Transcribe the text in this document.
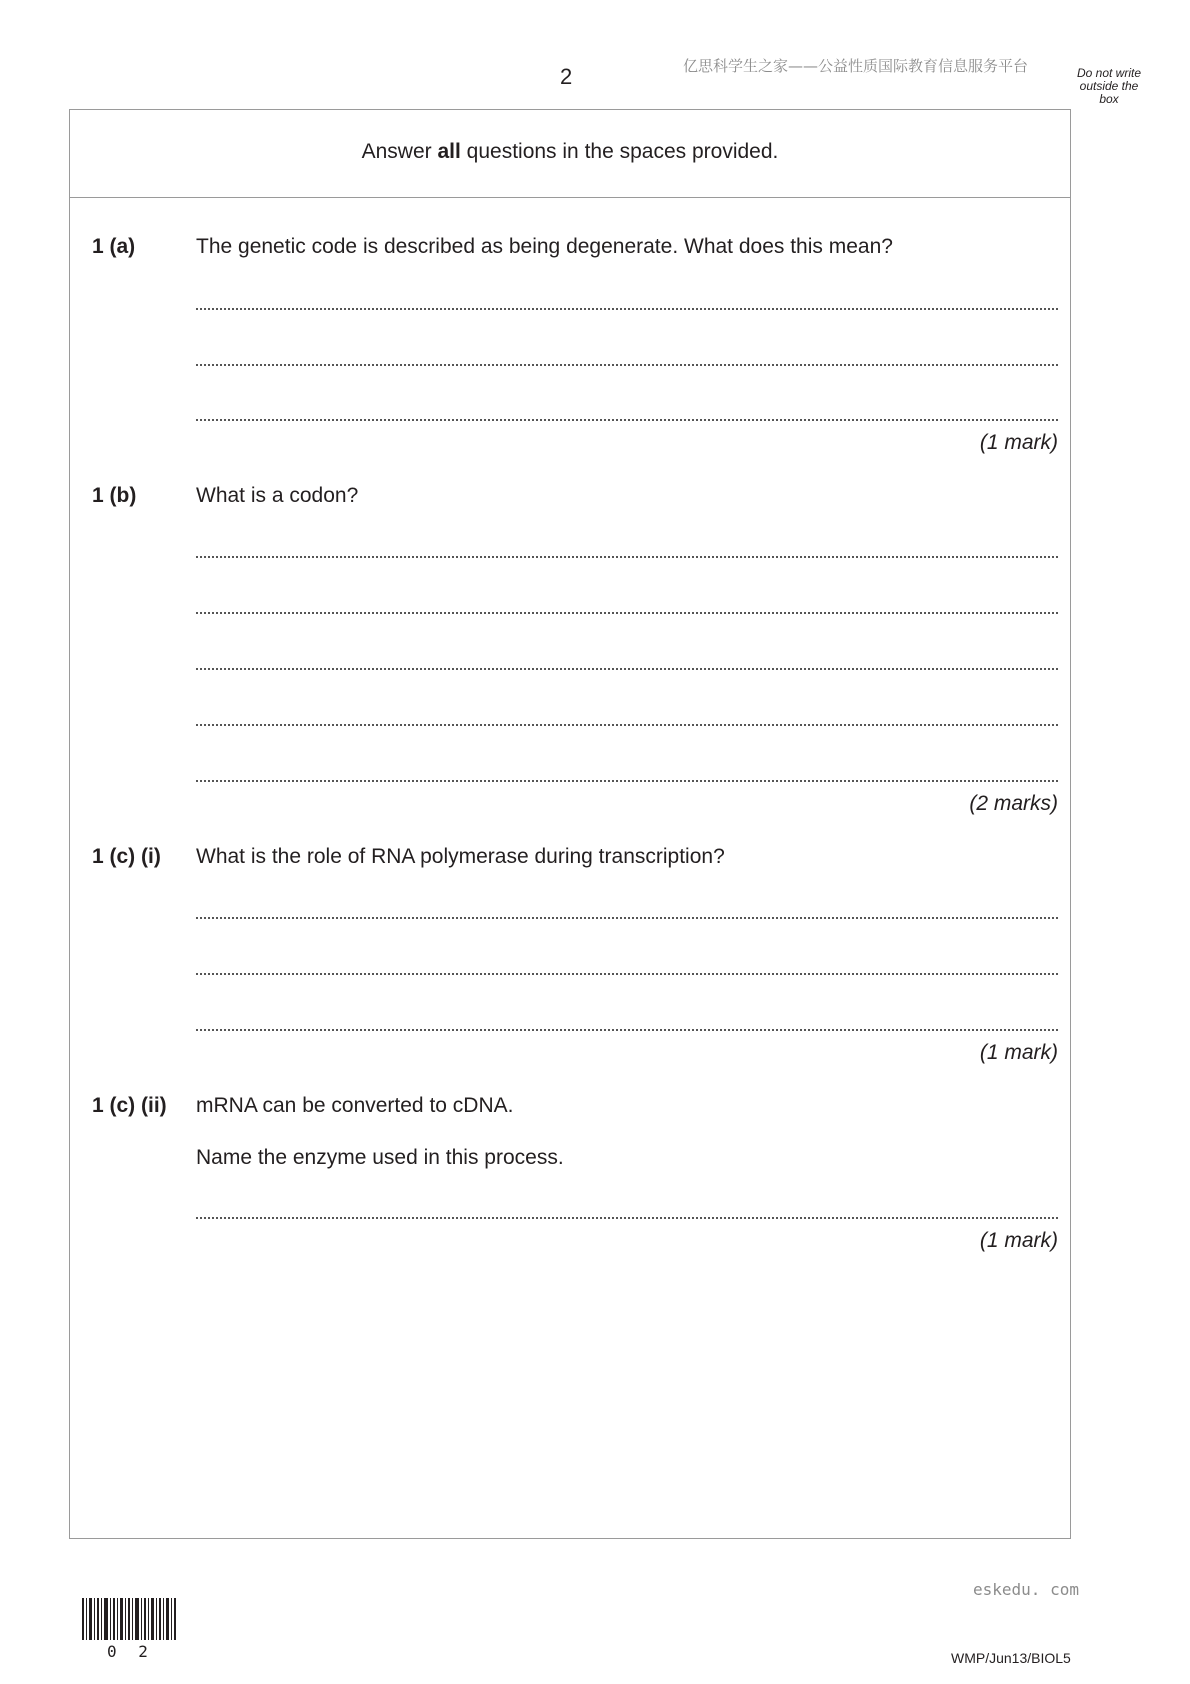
2	亿思科学生之家——公益性质国际教育信息服务平台	Do not write
outside the
box
Answer all questions in the spaces provided.
1 (a)	The genetic code is described as being degenerate. What does this mean?
(1 mark)
1 (b)	What is a codon?
(2 marks)
1 (c) (i) What is the role of RNA polymerase during transcription?
(1 mark)
1 (c) (ii) mRNA can be converted to cDNA.
Name the enzyme used in this process.
(1 mark)
eskedu. com
0 2	WMP/Jun13/BIOL5
